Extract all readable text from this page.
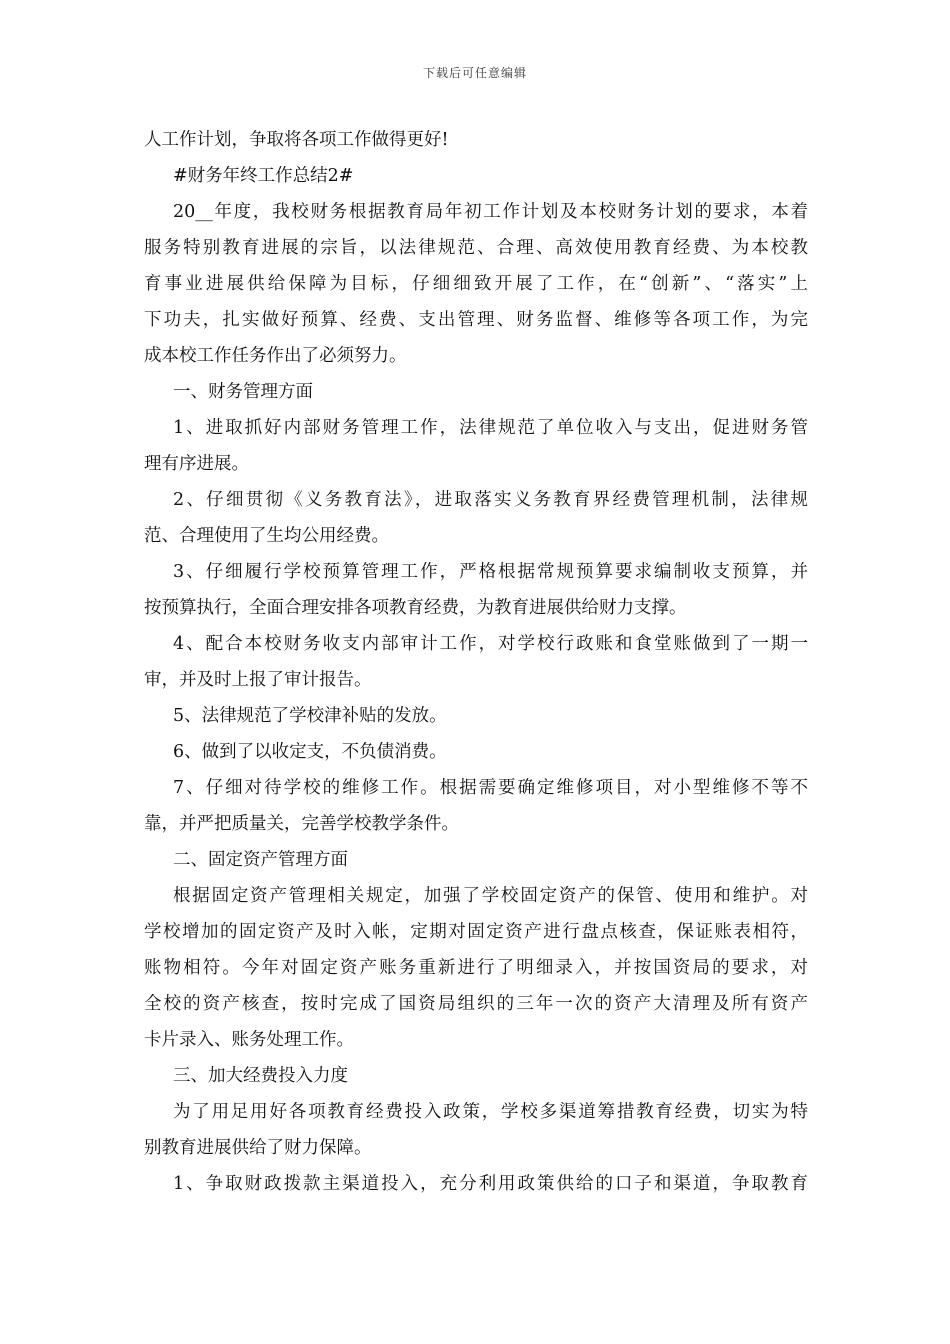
下载后可任意编辑
人工作计划，争取将各项工作做得更好!
#财务年终工作总结2#
20__年度，我校财务根据教育局年初工作计划及本校财务计划的要求，本着
服务特别教育进展的宗旨，以法律规范、合理、高效使用教育经费、为本校教
育事业进展供给保障为目标，仔细细致开展了工作，在“创新”、“落实”上
下功夫，扎实做好预算、经费、支出管理、财务监督、维修等各项工作，为完
成本校工作任务作出了必须努力。
一、财务管理方面
1、进取抓好内部财务管理工作，法律规范了单位收入与支出，促进财务管
理有序进展。
2、仔细贯彻《义务教育法》，进取落实义务教育界经费管理机制，法律规
范、合理使用了生均公用经费。
3、仔细履行学校预算管理工作，严格根据常规预算要求编制收支预算，并
按预算执行，全面合理安排各项教育经费，为教育进展供给财力支撑。
4、配合本校财务收支内部审计工作，对学校行政账和食堂账做到了一期一
审，并及时上报了审计报告。
5、法律规范了学校津补贴的发放。
6、做到了以收定支，不负债消费。
7、仔细对待学校的维修工作。根据需要确定维修项目，对小型维修不等不
靠，并严把质量关，完善学校教学条件。
二、固定资产管理方面
根据固定资产管理相关规定，加强了学校固定资产的保管、使用和维护。对
学校增加的固定资产及时入帐，定期对固定资产进行盘点核查，保证账表相符，
账物相符。今年对固定资产账务重新进行了明细录入，并按国资局的要求，对
全校的资产核查，按时完成了国资局组织的三年一次的资产大清理及所有资产
卡片录入、账务处理工作。
三、加大经费投入力度
为了用足用好各项教育经费投入政策，学校多渠道筹措教育经费，切实为特
别教育进展供给了财力保障。
1、争取财政拨款主渠道投入，充分利用政策供给的口子和渠道，争取教育
